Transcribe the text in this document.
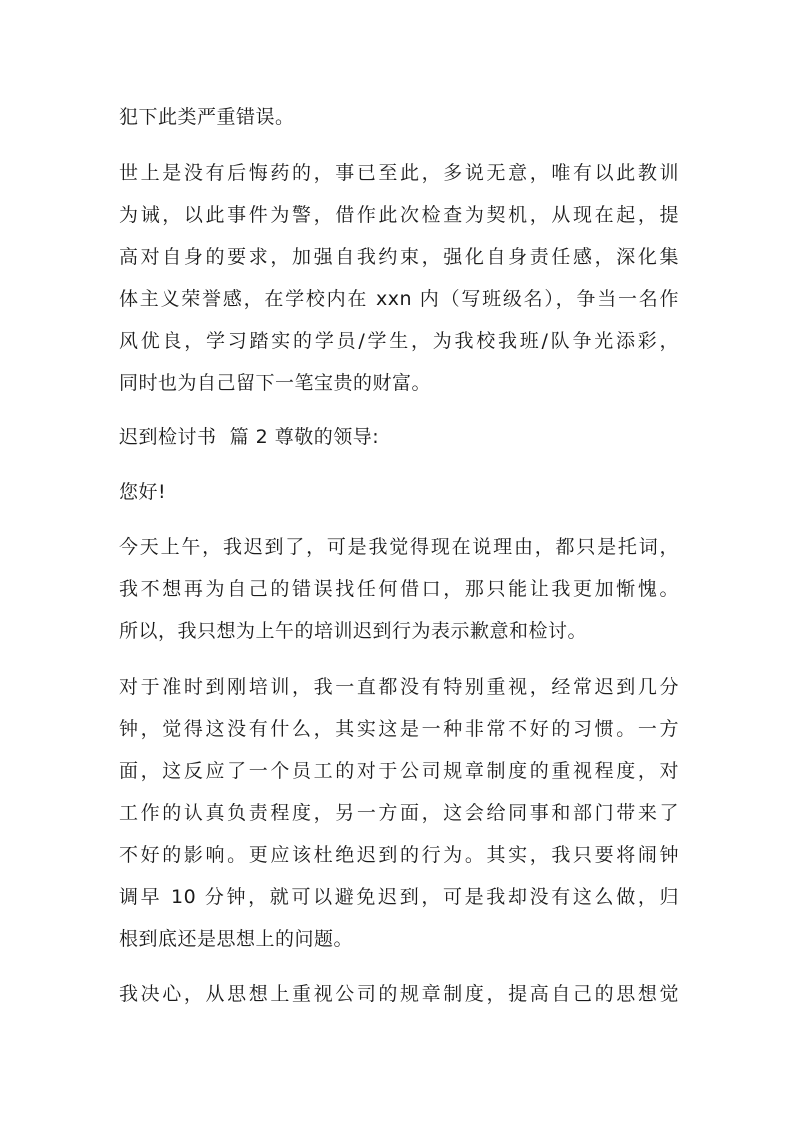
犯下此类严重错误。
世上是没有后悔药的，事已至此，多说无意，唯有以此教训
为诫，以此事件为警，借作此次检查为契机，从现在起，提
高对自身的要求，加强自我约束，强化自身责任感，深化集
体主义荣誉感，在学校内在 xxn 内（写班级名），争当一名作
风优良，学习踏实的学员/学生，为我校我班/队争光添彩，
同时也为自己留下一笔宝贵的财富。
迟到检讨书  篇 2 尊敬的领导:
您好!
今天上午，我迟到了，可是我觉得现在说理由，都只是托词，
我不想再为自己的错误找任何借口，那只能让我更加惭愧。
所以，我只想为上午的培训迟到行为表示歉意和检讨。
对于准时到刚培训，我一直都没有特别重视，经常迟到几分
钟，觉得这没有什么，其实这是一种非常不好的习惯。一方
面，这反应了一个员工的对于公司规章制度的重视程度，对
工作的认真负责程度，另一方面，这会给同事和部门带来了
不好的影响。更应该杜绝迟到的行为。其实，我只要将闹钟
调早 10 分钟，就可以避免迟到，可是我却没有这么做，归
根到底还是思想上的问题。
我决心，从思想上重视公司的规章制度，提高自己的思想觉
